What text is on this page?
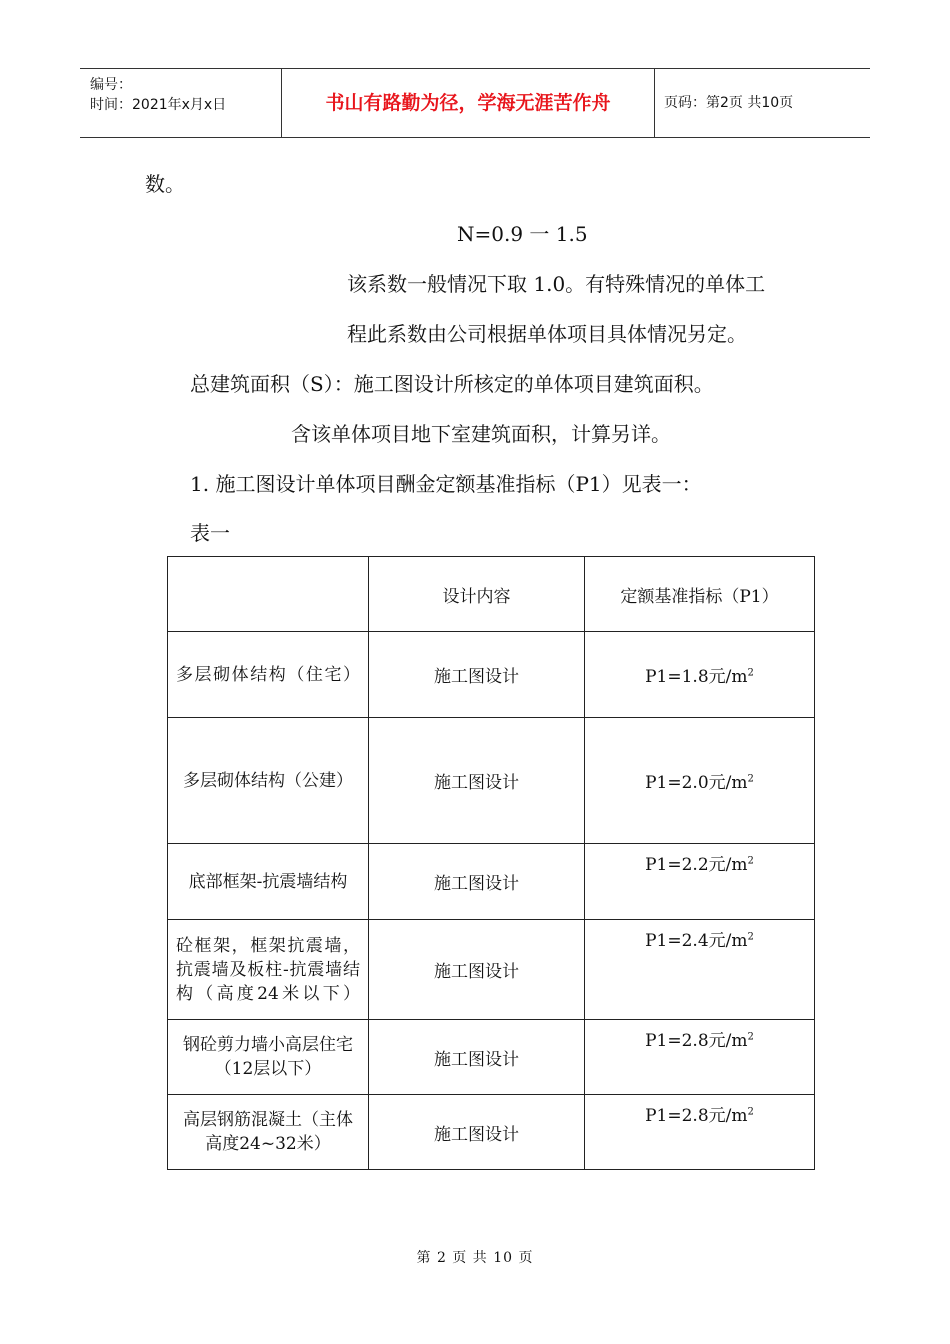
编号：
时间：2021年x月x日	书山有路勤为径，学海无涯苦作舟	页码：第2页 共10页
数。
N=0.9 一 1.5
该系数一般情况下取 1.0。有特殊情况的单体工
程此系数由公司根据单体项目具体情况另定。
总建筑面积（S）：施工图设计所核定的单体项目建筑面积。
含该单体项目地下室建筑面积，计算另详。
1. 施工图设计单体项目酬金定额基准指标（P1）见表一：
表一
	设计内容	定额基准指标（P1）

多层砌体结构（住宅）	施工图设计	P1=1.8元$/m^2$

多层砌体结构（公建）	施工图设计	P1=2.0元$/m^2$

底部框架-抗震墙结构	施工图设计	P1=2.2元$/m^2$

砼框架，框架抗震墙，抗震墙及板柱-抗震墙结构（高度24米以下）	施工图设计	P1=2.4元$/m^2$

钢砼剪力墙小高层住宅（12层以下）	施工图设计	P1=2.8元$/m^2$

高层钢筋混凝土（主体高度24~32米）	施工图设计	P1=2.8元$/m^2$
第 2 页 共 10 页
